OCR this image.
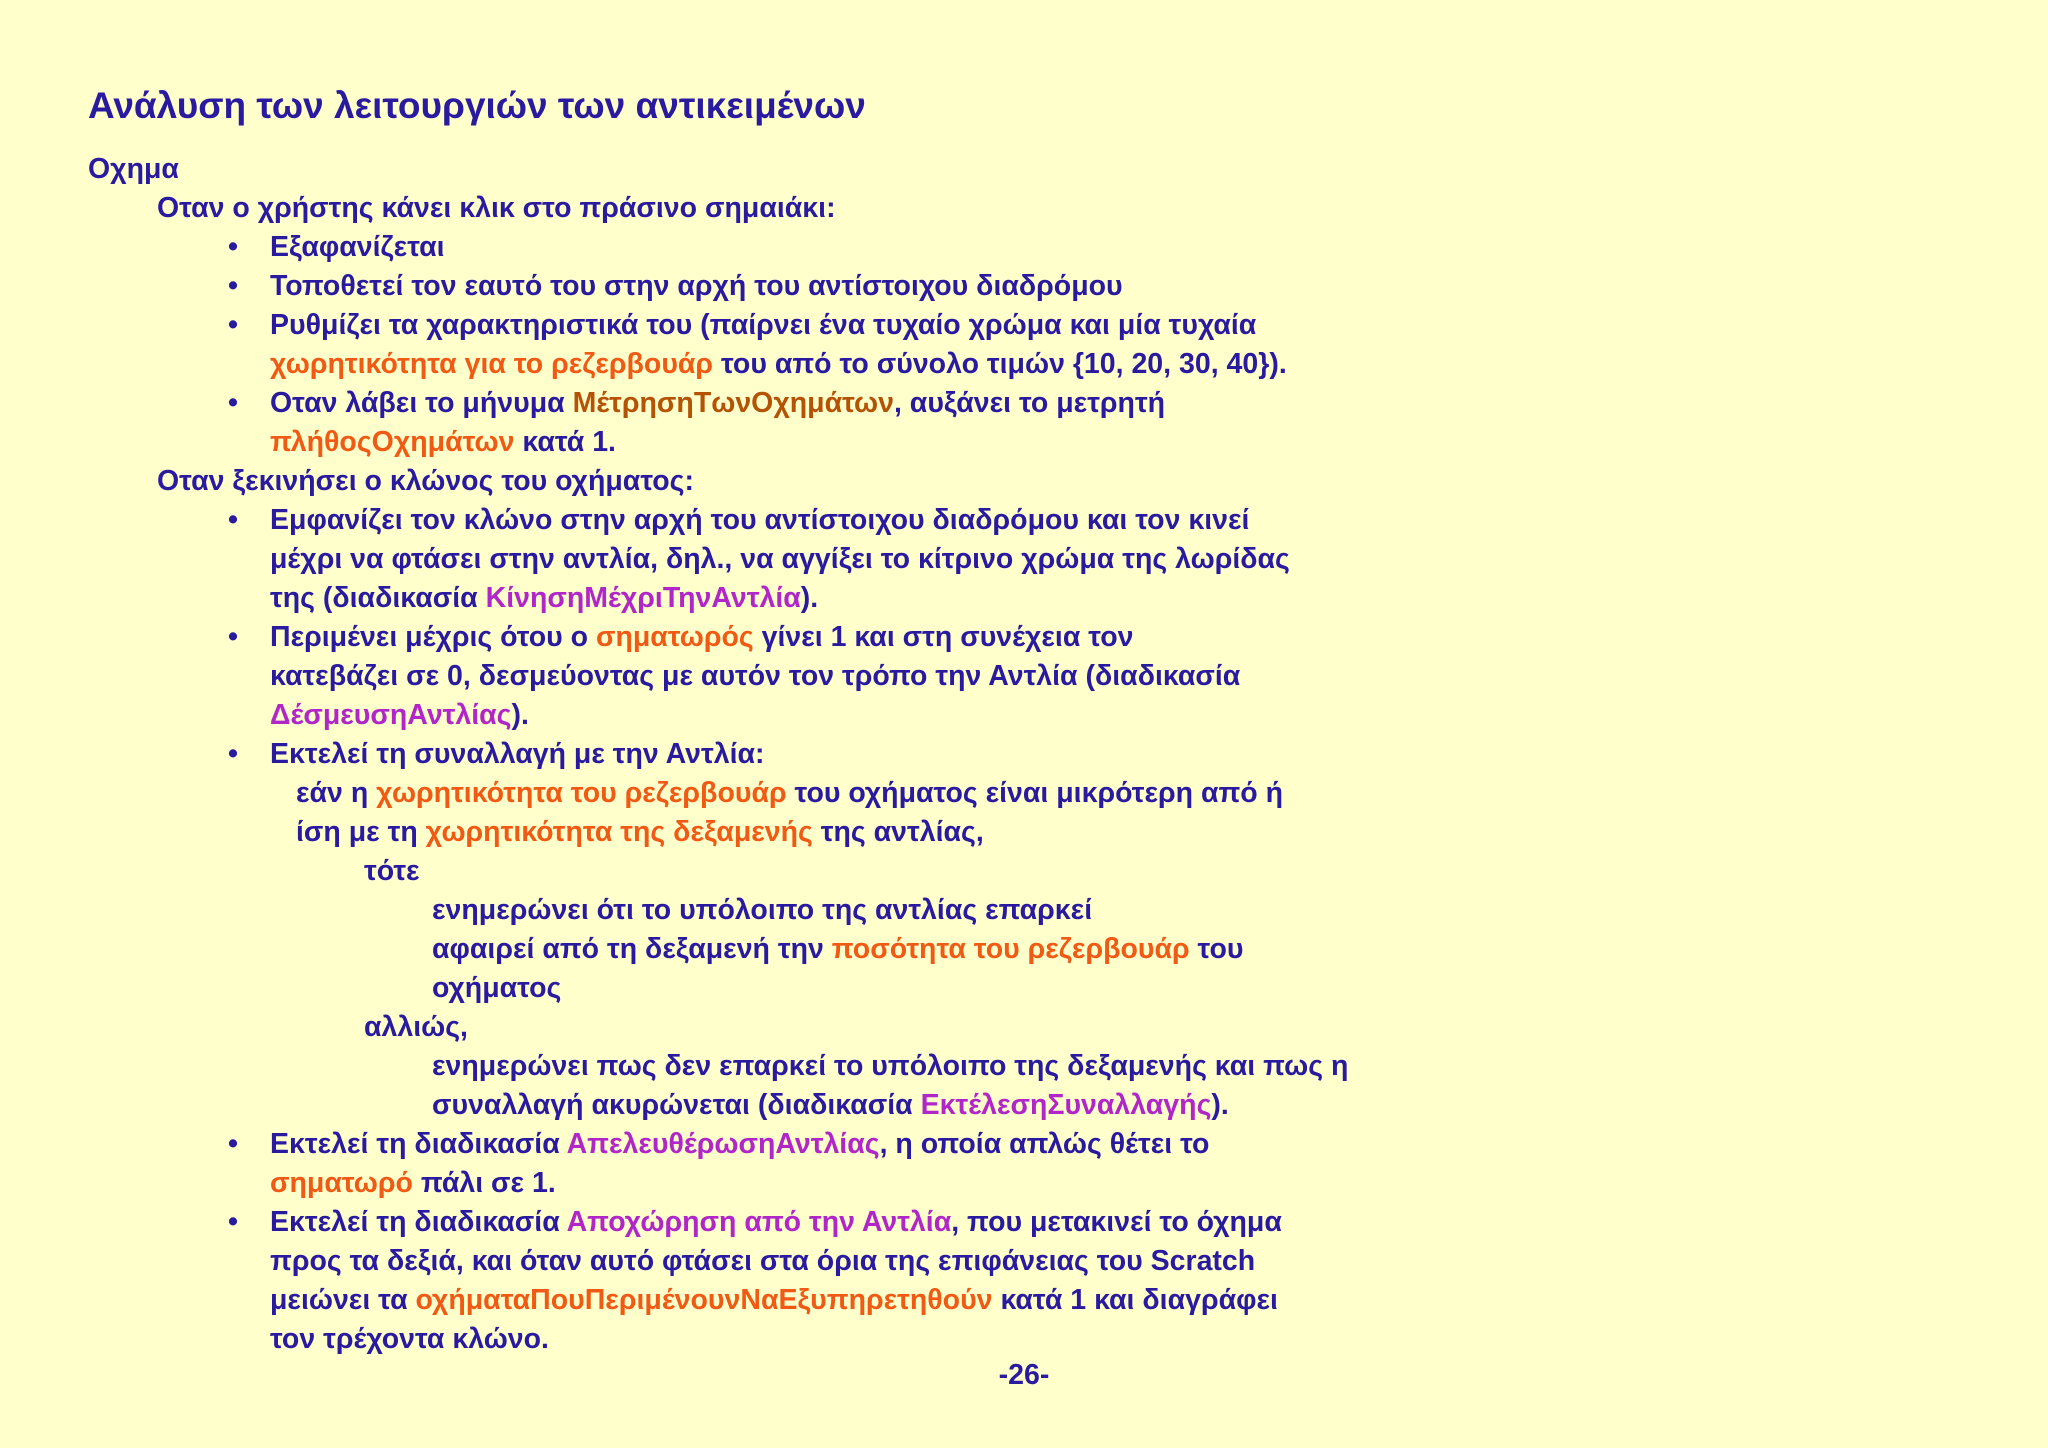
Ανάλυση των λειτουργιών των αντικειμένων
Οχημα
Οταν ο χρήστης κάνει κλικ στο πράσινο σημαιάκι:
• Εξαφανίζεται
• Τοποθετεί τον εαυτό του στην αρχή του αντίστοιχου διαδρόμου
• Ρυθμίζει τα χαρακτηριστικά του (παίρνει ένα τυχαίο χρώμα και μία τυχαία
χωρητικότητα για το ρεζερβουάρ του από το σύνολο τιμών {10, 20, 30, 40}).
• Οταν λάβει το μήνυμα ΜέτρησηΤωνΟχημάτων, αυξάνει το μετρητή
πλήθοςΟχημάτων κατά 1.
Οταν ξεκινήσει ο κλώνος του οχήματος:
• Εμφανίζει τον κλώνο στην αρχή του αντίστοιχου διαδρόμου και τον κινεί
μέχρι να φτάσει στην αντλία, δηλ., να αγγίξει το κίτρινο χρώμα της λωρίδας
της (διαδικασία ΚίνησηΜέχριΤηνΑντλία).
• Περιμένει μέχρις ότου ο σηματωρός γίνει 1 και στη συνέχεια τον
κατεβάζει σε 0, δεσμεύοντας με αυτόν τον τρόπο την Αντλία (διαδικασία
ΔέσμευσηΑντλίας).
• Εκτελεί τη συναλλαγή με την Αντλία:
εάν η χωρητικότητα του ρεζερβουάρ του οχήματος είναι μικρότερη από ή
ίση με τη χωρητικότητα της δεξαμενής της αντλίας,
τότε
ενημερώνει ότι το υπόλοιπο της αντλίας επαρκεί
αφαιρεί από τη δεξαμενή την ποσότητα του ρεζερβουάρ του
οχήματος
αλλιώς,
ενημερώνει πως δεν επαρκεί το υπόλοιπο της δεξαμενής και πως η
συναλλαγή ακυρώνεται (διαδικασία ΕκτέλεσηΣυναλλαγής).
• Εκτελεί τη διαδικασία ΑπελευθέρωσηΑντλίας, η οποία απλώς θέτει το
σηματωρό πάλι σε 1.
• Εκτελεί τη διαδικασία Αποχώρηση από την Αντλία, που μετακινεί το όχημα
προς τα δεξιά, και όταν αυτό φτάσει στα όρια της επιφάνειας του Scratch
μειώνει τα οχήματαΠουΠεριμένουνΝαΕξυπηρετηθούν κατά 1 και διαγράφει
τον τρέχοντα κλώνο.
-26-
